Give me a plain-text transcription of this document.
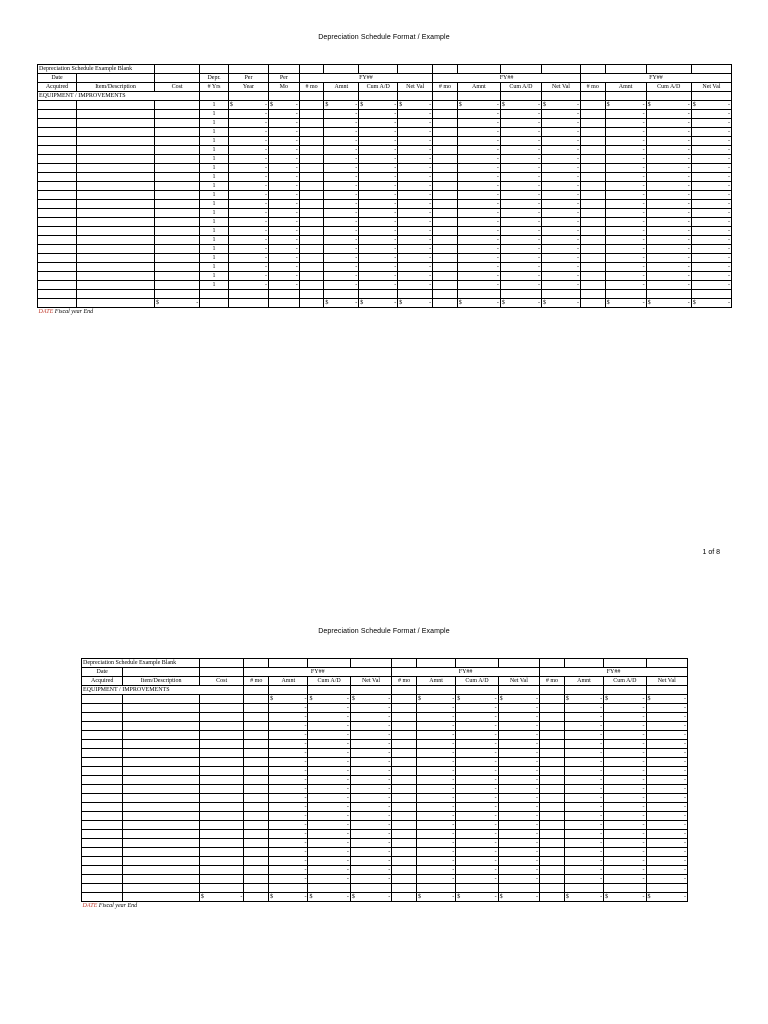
Depreciation Schedule Format / Example
Depreciation Schedule Example Blank																	
Date			Depr.	Per	Per	FY##				FY##				FY##			
Acquired	Item/Description	Cost	# Yrs	Year	Mo	# mo	Amnt	Cum A/D	Net Val	# mo	Amnt	Cum A/D	Net Val	# mo	Amnt	Cum A/D	Net Val
EQUIPMENT / IMPROVEMENTS																	
			1	$ -	$ -		$ -	$ -	$ -		$ -	$ -	$ -		$ -	$ -	$ -

			1	-	-		-	-	-		-	-	-		-	-	-
			1	-	-		-	-	-		-	-	-		-	-	-
			1	-	-		-	-	-		-	-	-		-	-	-
			1	-	-		-	-	-		-	-	-		-	-	-
			1	-	-		-	-	-		-	-	-		-	-	-
			1	-	-		-	-	-		-	-	-		-	-	-
			1	-	-		-	-	-		-	-	-		-	-	-
			1	-	-		-	-	-		-	-	-		-	-	-
			1	-	-		-	-	-		-	-	-		-	-	-
			1	-	-		-	-	-		-	-	-		-	-	-
			1	-	-		-	-	-		-	-	-		-	-	-
			1	-	-		-	-	-		-	-	-		-	-	-
			1	-	-		-	-	-		-	-	-		-	-	-
			1	-	-		-	-	-		-	-	-		-	-	-
			1	-	-		-	-	-		-	-	-		-	-	-
			1	-	-		-	-	-		-	-	-		-	-	-
			1	-	-		-	-	-		-	-	-		-	-	-
			1	-	-		-	-	-		-	-	-		-	-	-
			1	-	-		-	-	-		-	-	-		-	-	-
			1	-	-		-	-	-		-	-	-		-	-	-

		$ -					$ -	$ -	$ -		$ -	$ -	$ -		$ -	$ -	$ -

DATE Fiscal year End																	
1 of 8
Depreciation Schedule Format / Example
Depreciation Schedule Example Blank														
Date			FY##				FY##				FY##			
Acquired	Item/Description	Cost	# mo	Amnt	Cum A/D	Net Val	# mo	Amnt	Cum A/D	Net Val	# mo	Amnt	Cum A/D	Net Val
EQUIPMENT / IMPROVEMENTS														

				$ -	$ -	$ -		$ -	$ -	$ -		$ -	$ -	$ -

				-	-	-		-	-	-		-	-	-
				-	-	-		-	-	-		-	-	-
				-	-	-		-	-	-		-	-	-
				-	-	-		-	-	-		-	-	-
				-	-	-		-	-	-		-	-	-
				-	-	-		-	-	-		-	-	-
				-	-	-		-	-	-		-	-	-
				-	-	-		-	-	-		-	-	-
				-	-	-		-	-	-		-	-	-
				-	-	-		-	-	-		-	-	-
				-	-	-		-	-	-		-	-	-
				-	-	-		-	-	-		-	-	-
				-	-	-		-	-	-		-	-	-
				-	-	-		-	-	-		-	-	-
				-	-	-		-	-	-		-	-	-
				-	-	-		-	-	-		-	-	-
				-	-	-		-	-	-		-	-	-
				-	-	-		-	-	-		-	-	-
				-	-	-		-	-	-		-	-	-
				-	-	-		-	-	-		-	-	-

		$ -		$ -	$ -	$ -		$ -	$ -	$ -		$ -	$ -	$ -

DATE Fiscal year End														
